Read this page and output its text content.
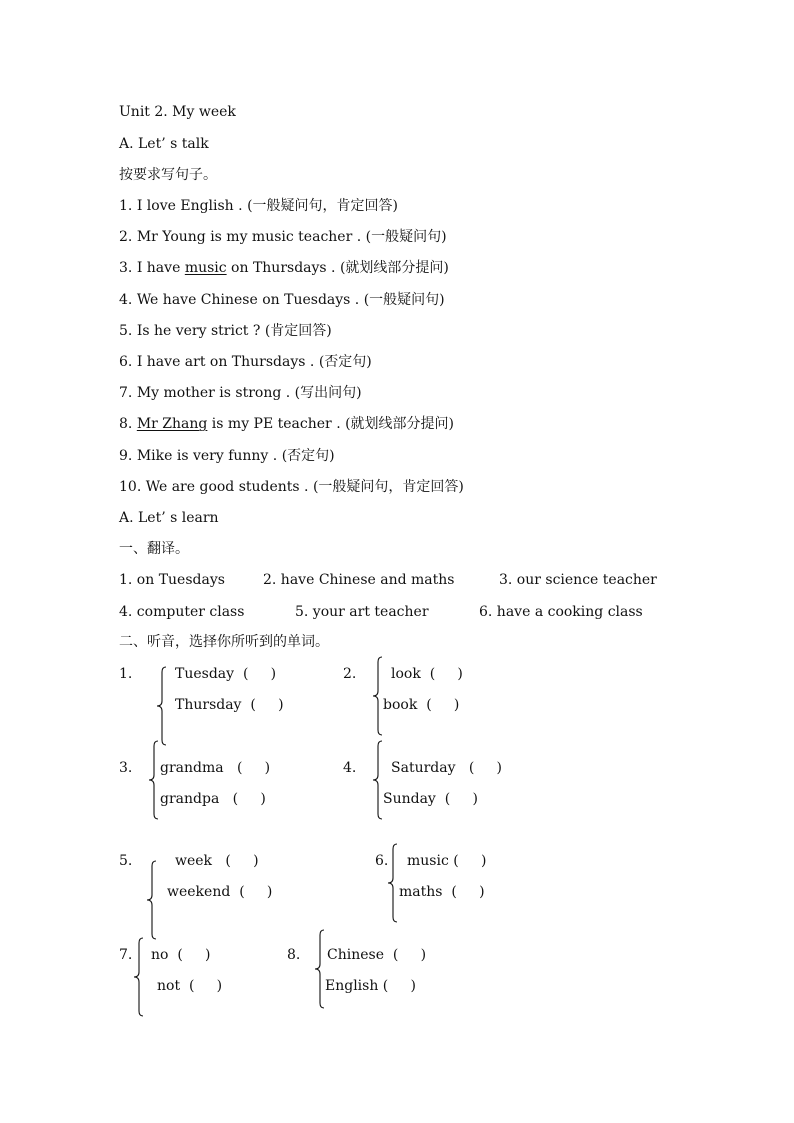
Unit 2. My week
A. Let’ s talk
按要求写句子。
1. I love English . (一般疑问句，肯定回答)
2. Mr Young is my music teacher . (一般疑问句)
3. I have music on Thursdays . (就划线部分提问)
4. We have Chinese on Tuesdays . (一般疑问句)
5. Is he very strict ? (肯定回答)
6. I have art on Thursdays . (否定句)
7. My mother is strong . (写出问句)
8. Mr Zhang is my PE teacher . (就划线部分提问)
9. Mike is very funny . (否定句)
10. We are good students . (一般疑问句，肯定回答)
A. Let’ s learn
一、翻译。
1. on Tuesdays	2. have Chinese and maths	3. our science teacher
4. computer class	5. your art teacher	6. have a cooking class
二、听音，选择你所听到的单词。
1.	Tuesday  (     )
Thursday  (     )
2. look  (     )
book  (     )
3. grandma   (     )
grandpa   (     )
4. Saturday   (     )
Sunday  (     )
5.	week   (     )
weekend  (     )
6. music (     )
maths  (     )
7. no  (     )
not  (     )
8. Chinese  (     )
English (     )
